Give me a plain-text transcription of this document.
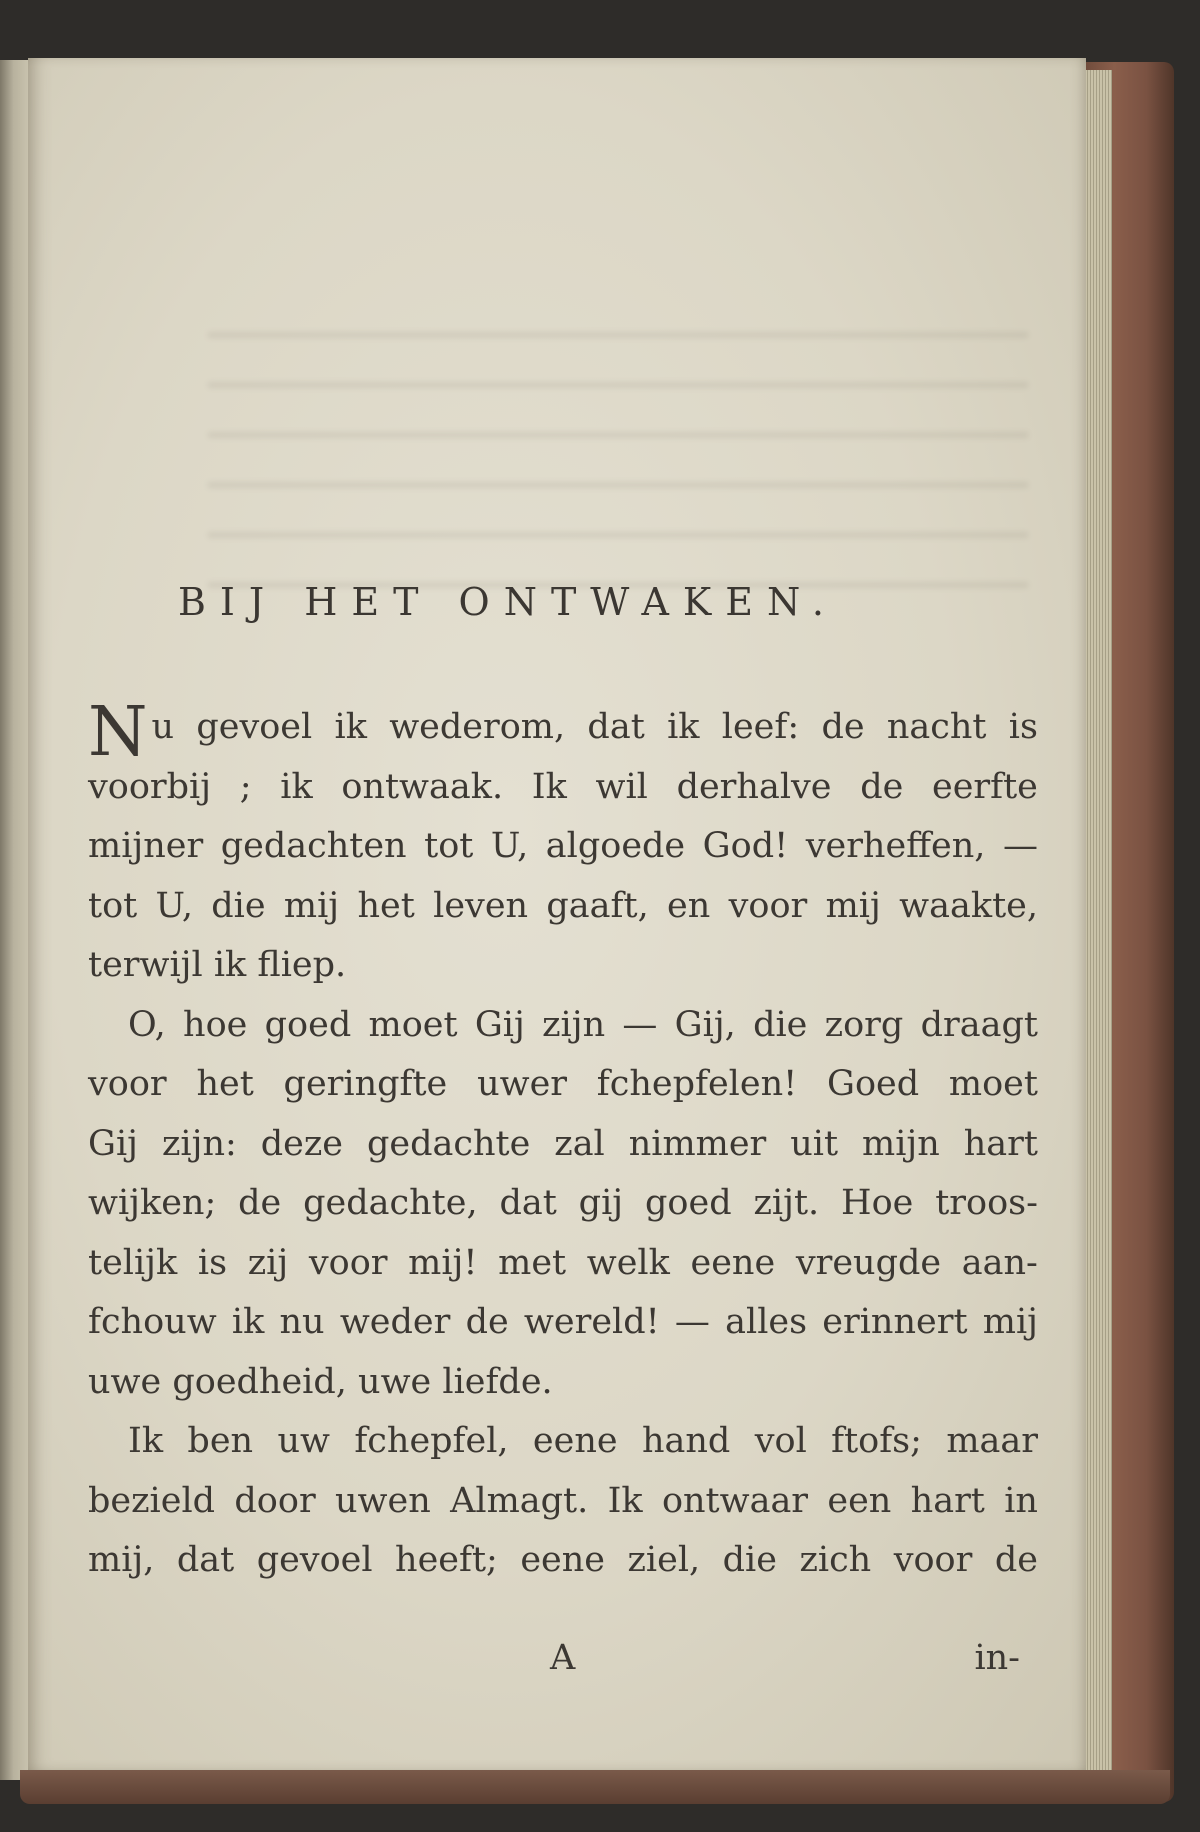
BIJ HET ONTWAKEN.
N u gevoel ik wederom, dat ik leef: de nacht is
voorbij ; ik ontwaak. Ik wil derhalve de eerfte
mijner gedachten tot U, algoede God! verheffen, —
tot U, die mij het leven gaaft, en voor mij waakte,
terwijl ik fliep.
O, hoe goed moet Gij zijn — Gij, die zorg draagt
voor het geringfte uwer fchepfelen! Goed moet
Gij zijn: deze gedachte zal nimmer uit mijn hart
wijken; de gedachte, dat gij goed zijt. Hoe troos-
telijk is zij voor mij! met welk eene vreugde aan-
fchouw ik nu weder de wereld! — alles erinnert mij
uwe goedheid, uwe liefde.
Ik ben uw fchepfel, eene hand vol ftofs; maar
bezield door uwen Almagt. Ik ontwaar een hart in
mij, dat gevoel heeft; eene ziel, die zich voor de
A	in-
